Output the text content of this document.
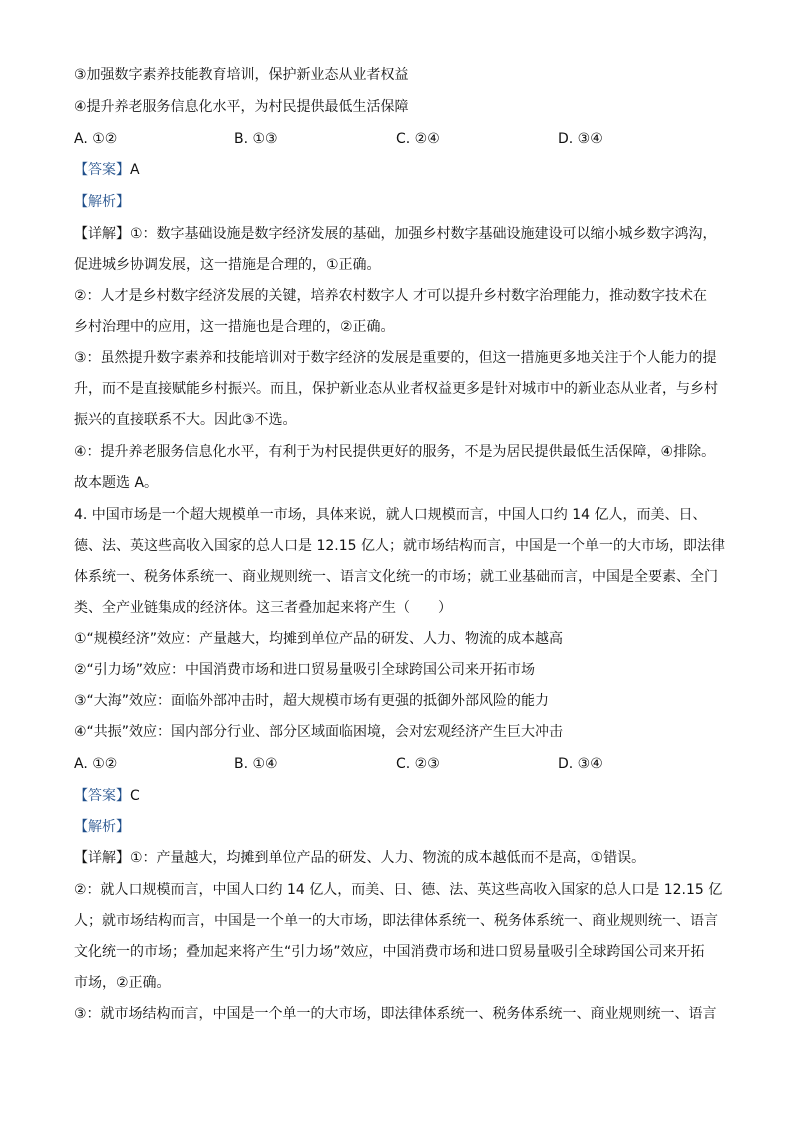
③加强数字素养技能教育培训，保护新业态从业者权益
④提升养老服务信息化水平，为村民提供最低生活保障
A. ①②	B. ①③	C. ②④	D. ③④
【答案】A
【解析】
【详解】①：数字基础设施是数字经济发展的基础，加强乡村数字基础设施建设可以缩小城乡数字鸿沟，
促进城乡协调发展，这一措施是合理的，①正确。
②：人才是乡村数字经济发展的关键，培养农村数字人 才可以提升乡村数字治理能力，推动数字技术在
乡村治理中的应用，这一措施也是合理的，②正确。
③：虽然提升数字素养和技能培训对于数字经济的发展是重要的，但这一措施更多地关注于个人能力的提
升，而不是直接赋能乡村振兴。而且，保护新业态从业者权益更多是针对城市中的新业态从业者，与乡村
振兴的直接联系不大。因此③不选。
④：提升养老服务信息化水平，有利于为村民提供更好的服务，不是为居民提供最低生活保障，④排除。
故本题选 A。
4. 中国市场是一个超大规模单一市场，具体来说，就人口规模而言，中国人口约 14 亿人，而美、日、
德、法、英这些高收入国家的总人口是 12.15 亿人；就市场结构而言，中国是一个单一的大市场，即法律
体系统一、税务体系统一、商业规则统一、语言文化统一的市场；就工业基础而言，中国是全要素、全门
类、全产业链集成的经济体。这三者叠加起来将产生（　　）
①“规模经济”效应：产量越大，均摊到单位产品的研发、人力、物流的成本越高
②“引力场”效应：中国消费市场和进口贸易量吸引全球跨国公司来开拓市场
③“大海”效应：面临外部冲击时，超大规模市场有更强的抵御外部风险的能力
④“共振”效应：国内部分行业、部分区域面临困境，会对宏观经济产生巨大冲击
A. ①②	B. ①④	C. ②③	D. ③④
【答案】C
【解析】
【详解】①：产量越大，均摊到单位产品的研发、人力、物流的成本越低而不是高，①错误。
②：就人口规模而言，中国人口约 14 亿人，而美、日、德、法、英这些高收入国家的总人口是 12.15 亿
人；就市场结构而言，中国是一个单一的大市场，即法律体系统一、税务体系统一、商业规则统一、语言
文化统一的市场；叠加起来将产生“引力场”效应，中国消费市场和进口贸易量吸引全球跨国公司来开拓
市场，②正确。
③：就市场结构而言，中国是一个单一的大市场，即法律体系统一、税务体系统一、商业规则统一、语言
